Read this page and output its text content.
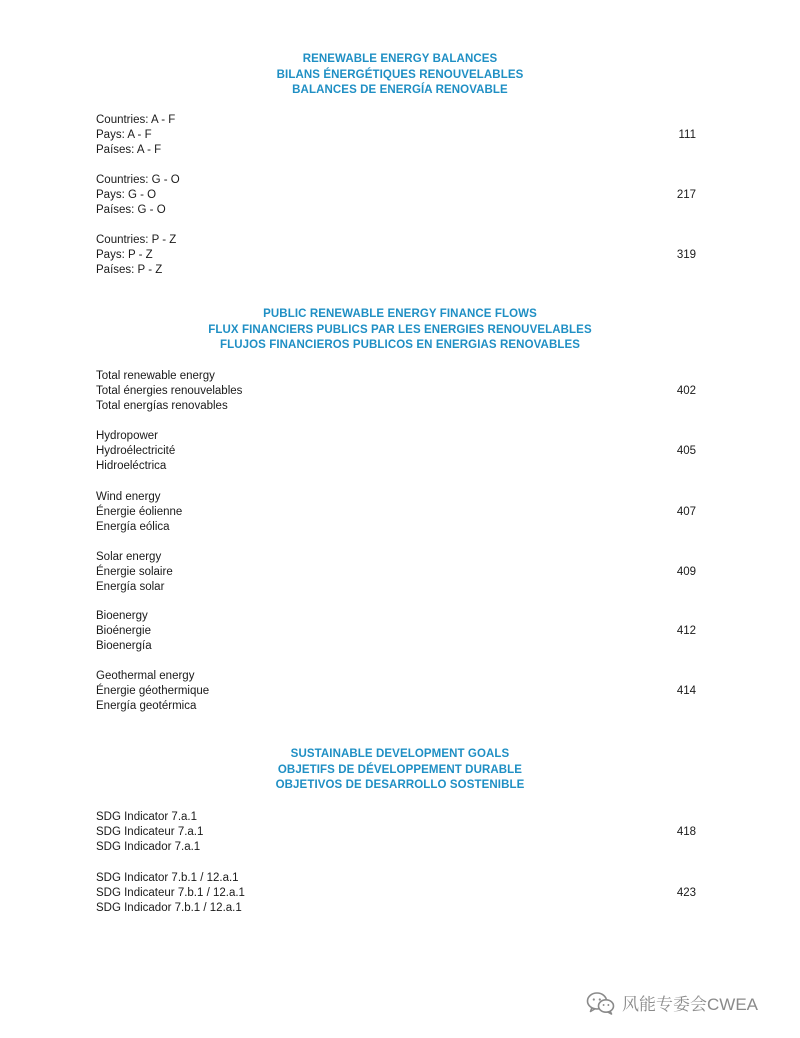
RENEWABLE ENERGY BALANCES
BILANS ÉNERGÉTIQUES RENOUVELABLES
BALANCES DE ENERGÍA RENOVABLE
Countries: A - F
Pays: A - F
Países: A - F
111
Countries: G - O
Pays: G - O
Países: G - O
217
Countries: P - Z
Pays: P - Z
Países: P - Z
319
PUBLIC RENEWABLE ENERGY FINANCE FLOWS
FLUX FINANCIERS PUBLICS PAR LES ENERGIES RENOUVELABLES
FLUJOS FINANCIEROS PUBLICOS EN ENERGIAS RENOVABLES
Total renewable energy
Total énergies renouvelables
Total energías renovables
402
Hydropower
Hydroélectricité
Hidroeléctrica
405
Wind energy
Énergie éolienne
Energía eólica
407
Solar energy
Énergie solaire
Energía solar
409
Bioenergy
Bioénergie
Bioenergía
412
Geothermal energy
Énergie géothermique
Energía geotérmica
414
SUSTAINABLE DEVELOPMENT GOALS
OBJETIFS DE DÉVELOPPEMENT DURABLE
OBJETIVOS DE DESARROLLO SOSTENIBLE
SDG Indicator 7.a.1
SDG Indicateur 7.a.1
SDG Indicador 7.a.1
418
SDG Indicator 7.b.1 / 12.a.1
SDG Indicateur 7.b.1 / 12.a.1
SDG Indicador 7.b.1 / 12.a.1
423
风能专委会CWEA
